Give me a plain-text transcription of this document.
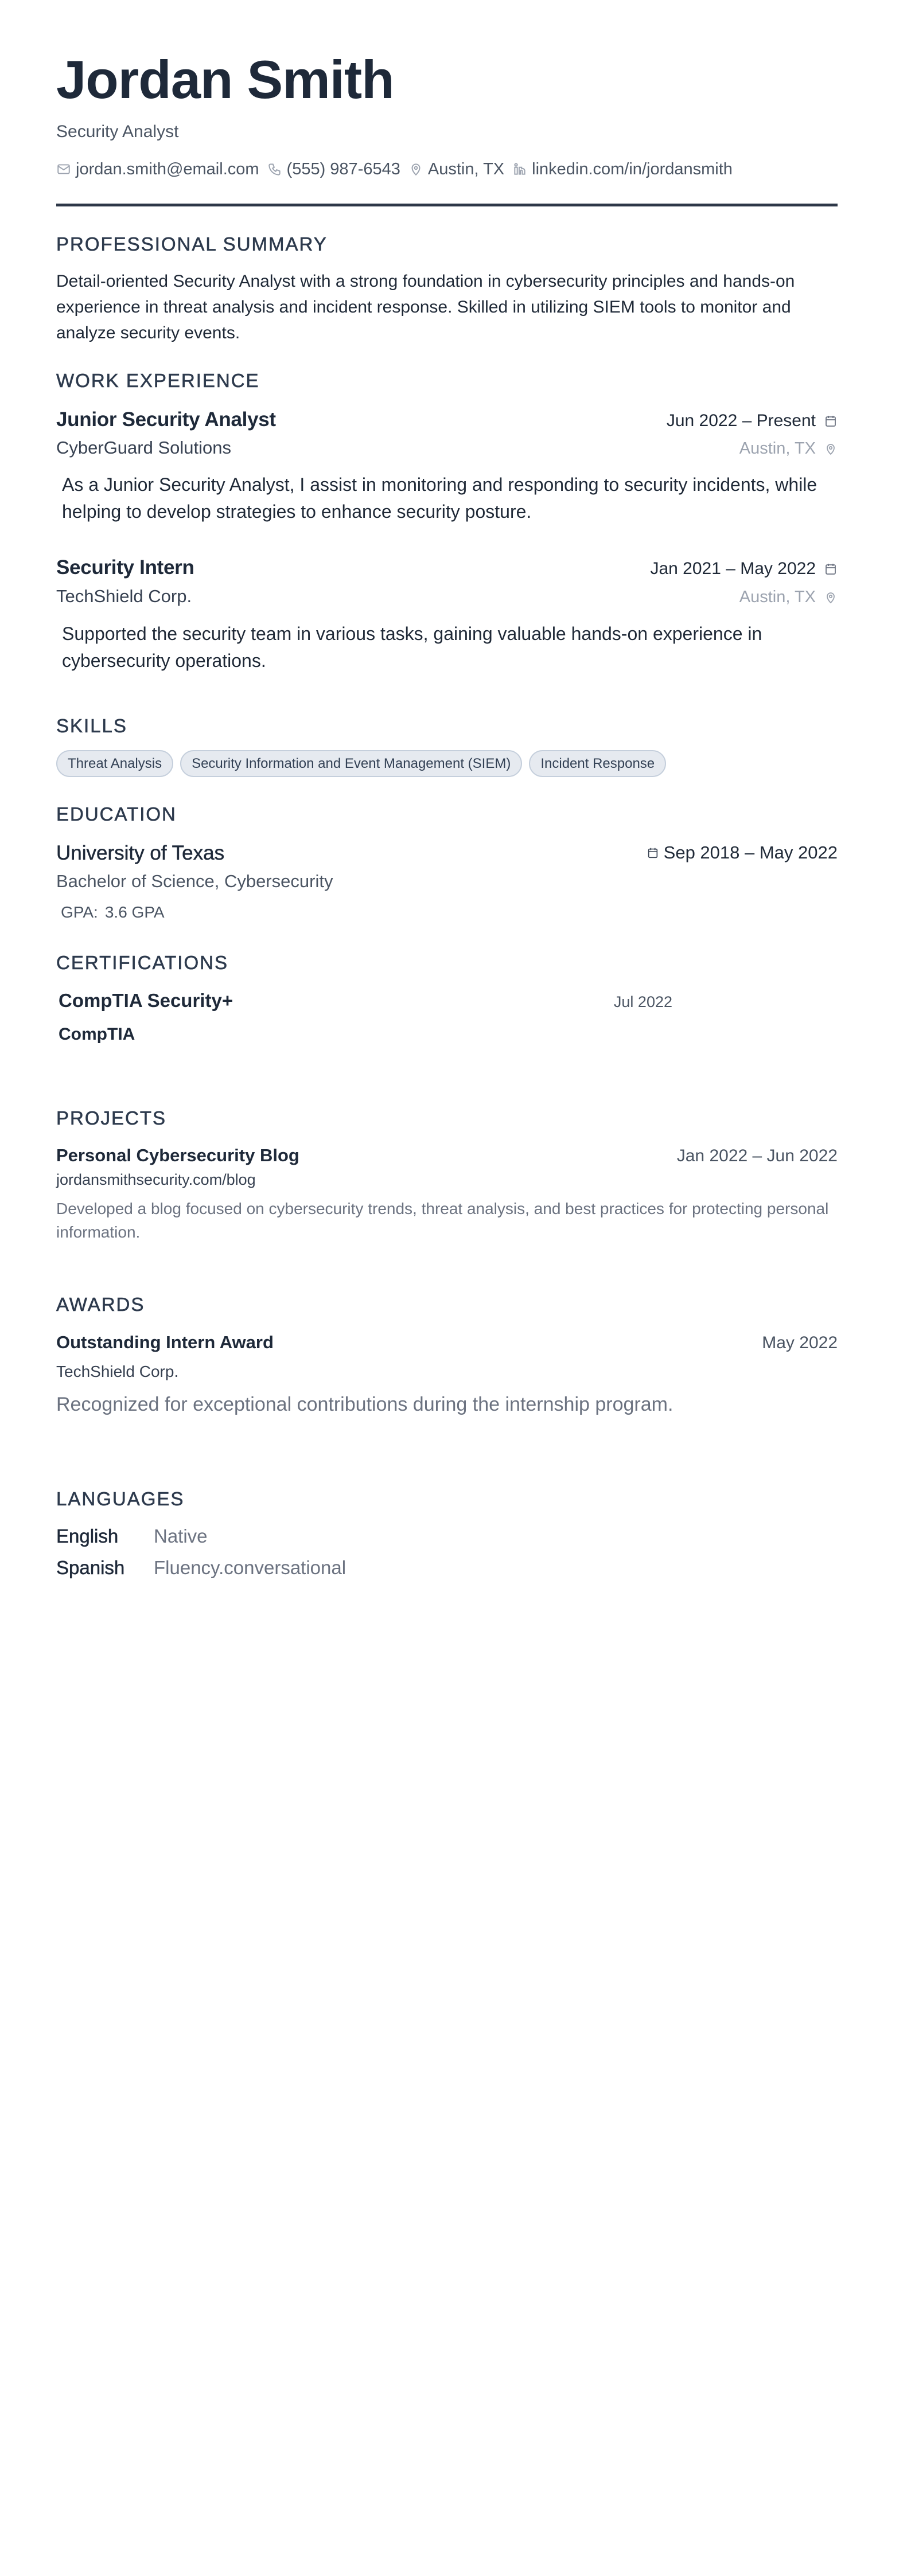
Jordan Smith
Security Analyst
jordan.smith@email.com (555) 987-6543 Austin, TX linkedin.com/in/jordansmith
PROFESSIONAL SUMMARY
Detail-oriented Security Analyst with a strong foundation in cybersecurity principles and hands-on experience in threat analysis and incident response. Skilled in utilizing SIEM tools to monitor and analyze security events.
WORK EXPERIENCE
Junior Security Analyst	Jun 2022 – Present
CyberGuard Solutions	Austin, TX
As a Junior Security Analyst, I assist in monitoring and responding to security incidents, while helping to develop strategies to enhance security posture.
Security Intern	Jan 2021 – May 2022
TechShield Corp.	Austin, TX
Supported the security team in various tasks, gaining valuable hands-on experience in cybersecurity operations.
SKILLS
Threat Analysis	Security Information and Event Management (SIEM)	Incident Response
EDUCATION
University of Texas	Sep 2018 – May 2022
Bachelor of Science, Cybersecurity
GPA: 3.6 GPA
CERTIFICATIONS
CompTIA Security+	Jul 2022
CompTIA
PROJECTS
Personal Cybersecurity Blog	Jan 2022 – Jun 2022
jordansmithsecurity.com/blog
Developed a blog focused on cybersecurity trends, threat analysis, and best practices for protecting personal information.
AWARDS
Outstanding Intern Award	May 2022
TechShield Corp.
Recognized for exceptional contributions during the internship program.
LANGUAGES
English	Native
Spanish	Fluency.conversational
